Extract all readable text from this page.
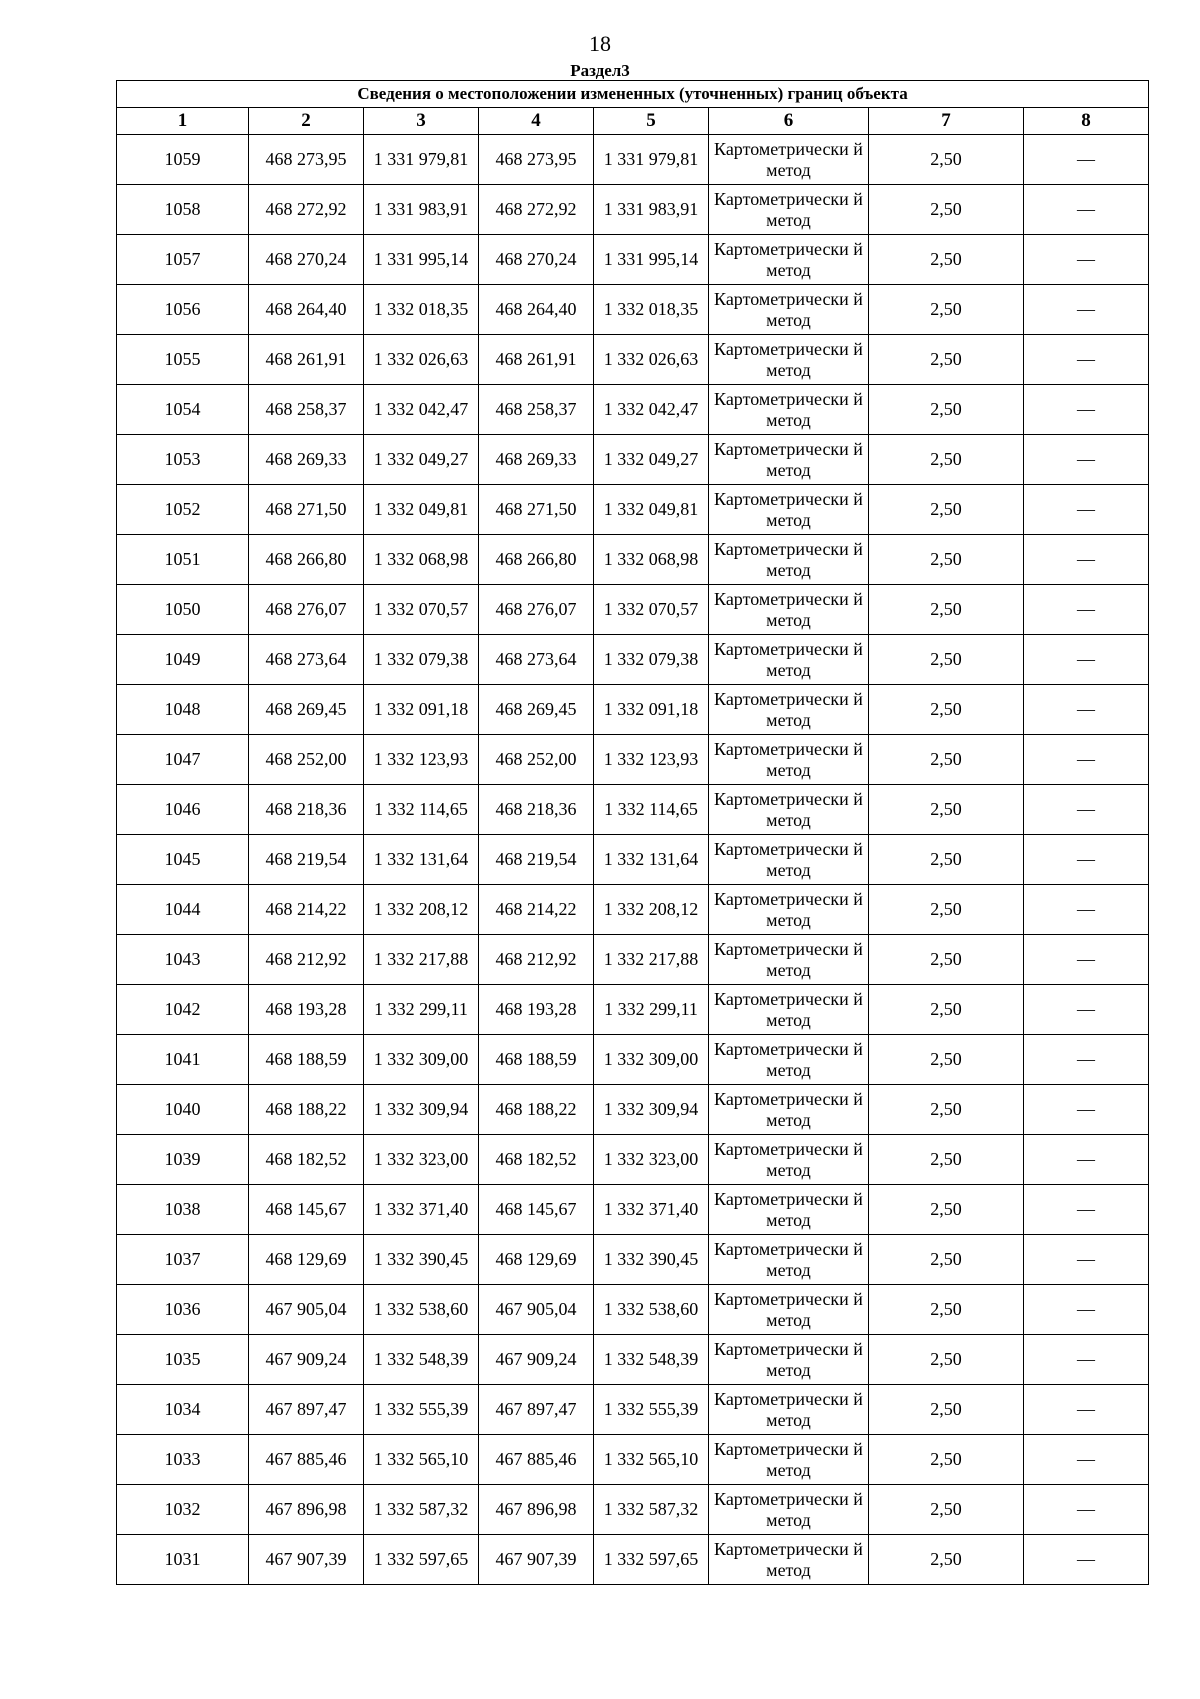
18
Раздел3
Сведения о местоположении измененных (уточненных) границ объекта							
1	2	3	4	5	6	7	8
1059	468 273,95	1 331 979,81	468 273,95	1 331 979,81	Картометрически й метод	2,50	—
1058	468 272,92	1 331 983,91	468 272,92	1 331 983,91	Картометрически й метод	2,50	—
1057	468 270,24	1 331 995,14	468 270,24	1 331 995,14	Картометрически й метод	2,50	—
1056	468 264,40	1 332 018,35	468 264,40	1 332 018,35	Картометрически й метод	2,50	—
1055	468 261,91	1 332 026,63	468 261,91	1 332 026,63	Картометрически й метод	2,50	—
1054	468 258,37	1 332 042,47	468 258,37	1 332 042,47	Картометрически й метод	2,50	—
1053	468 269,33	1 332 049,27	468 269,33	1 332 049,27	Картометрически й метод	2,50	—
1052	468 271,50	1 332 049,81	468 271,50	1 332 049,81	Картометрически й метод	2,50	—
1051	468 266,80	1 332 068,98	468 266,80	1 332 068,98	Картометрически й метод	2,50	—
1050	468 276,07	1 332 070,57	468 276,07	1 332 070,57	Картометрически й метод	2,50	—
1049	468 273,64	1 332 079,38	468 273,64	1 332 079,38	Картометрически й метод	2,50	—
1048	468 269,45	1 332 091,18	468 269,45	1 332 091,18	Картометрически й метод	2,50	—
1047	468 252,00	1 332 123,93	468 252,00	1 332 123,93	Картометрически й метод	2,50	—
1046	468 218,36	1 332 114,65	468 218,36	1 332 114,65	Картометрически й метод	2,50	—
1045	468 219,54	1 332 131,64	468 219,54	1 332 131,64	Картометрически й метод	2,50	—
1044	468 214,22	1 332 208,12	468 214,22	1 332 208,12	Картометрически й метод	2,50	—
1043	468 212,92	1 332 217,88	468 212,92	1 332 217,88	Картометрически й метод	2,50	—
1042	468 193,28	1 332 299,11	468 193,28	1 332 299,11	Картометрически й метод	2,50	—
1041	468 188,59	1 332 309,00	468 188,59	1 332 309,00	Картометрически й метод	2,50	—
1040	468 188,22	1 332 309,94	468 188,22	1 332 309,94	Картометрически й метод	2,50	—
1039	468 182,52	1 332 323,00	468 182,52	1 332 323,00	Картометрически й метод	2,50	—
1038	468 145,67	1 332 371,40	468 145,67	1 332 371,40	Картометрически й метод	2,50	—
1037	468 129,69	1 332 390,45	468 129,69	1 332 390,45	Картометрически й метод	2,50	—
1036	467 905,04	1 332 538,60	467 905,04	1 332 538,60	Картометрически й метод	2,50	—
1035	467 909,24	1 332 548,39	467 909,24	1 332 548,39	Картометрически й метод	2,50	—
1034	467 897,47	1 332 555,39	467 897,47	1 332 555,39	Картометрически й метод	2,50	—
1033	467 885,46	1 332 565,10	467 885,46	1 332 565,10	Картометрически й метод	2,50	—
1032	467 896,98	1 332 587,32	467 896,98	1 332 587,32	Картометрически й метод	2,50	—
1031	467 907,39	1 332 597,65	467 907,39	1 332 597,65	Картометрически й метод	2,50	—
